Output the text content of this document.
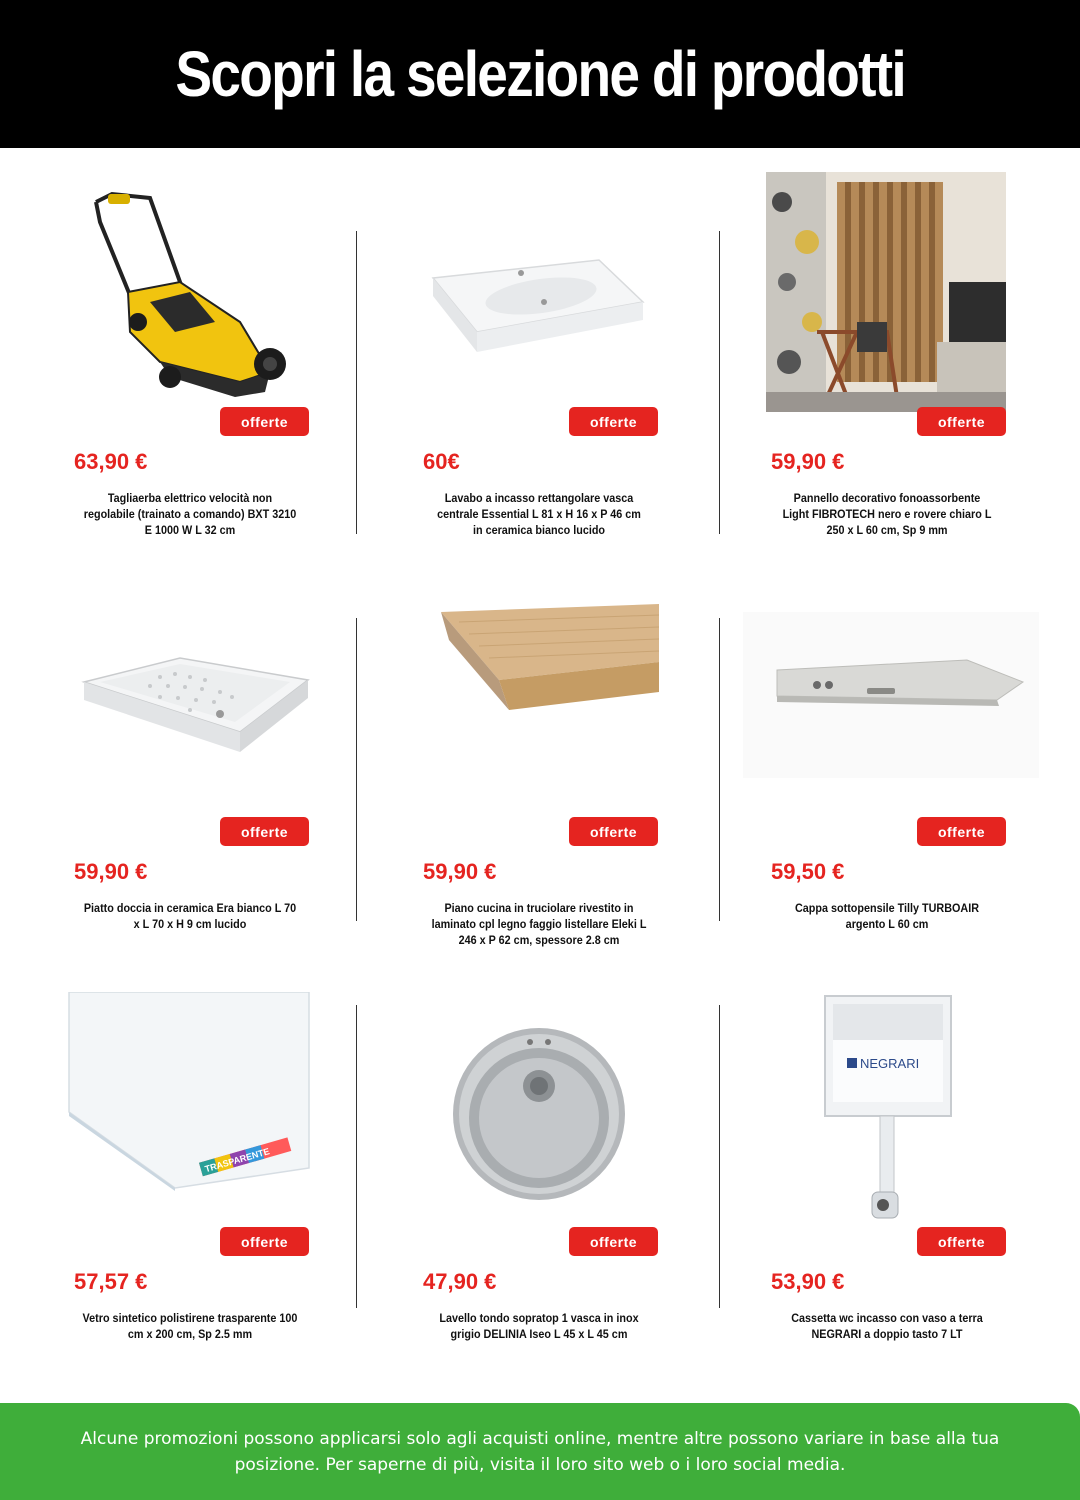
Scopri la selezione di prodotti
offerte
63,90 €
Tagliaerba elettrico velocità non regolabile (trainato a comando) BXT 3210 E 1000 W L 32 cm
offerte
60€
Lavabo a incasso rettangolare vasca centrale Essential L 81 x H 16 x P 46 cm in ceramica bianco lucido
offerte
59,90 €
Pannello decorativo fonoassorbente Light FIBROTECH nero e rovere chiaro L 250 x L 60 cm, Sp 9 mm
offerte
59,90 €
Piatto doccia in ceramica Era bianco L 70 x L 70 x H 9 cm lucido
offerte
59,90 €
Piano cucina in truciolare rivestito in laminato cpl legno faggio listellare Eleki L 246 x P 62 cm, spessore 2.8 cm
offerte
59,50 €
Cappa sottopensile Tilly TURBOAIR argento L 60 cm
TRASPARENTE
offerte
57,57 €
Vetro sintetico polistirene trasparente 100 cm x 200 cm, Sp 2.5 mm
offerte
47,90 €
Lavello tondo sopratop 1 vasca in inox grigio DELINIA Iseo L 45 x L 45 cm
NEGRARI
offerte
53,90 €
Cassetta wc incasso con vaso a terra NEGRARI a doppio tasto 7 LT

Alcune promozioni possono applicarsi solo agli acquisti online, mentre altre possono variare in base alla tua posizione. Per saperne di più, visita il loro sito web o i loro social media.
